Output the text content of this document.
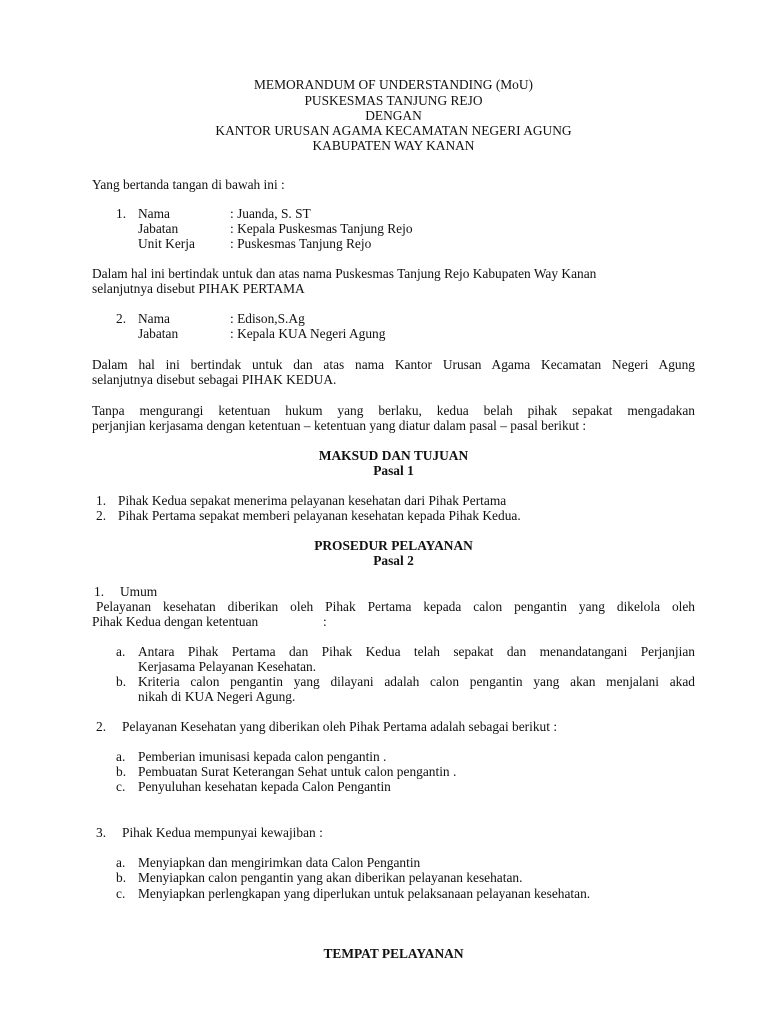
MEMORANDUM OF UNDERSTANDING (MoU)
PUSKESMAS TANJUNG REJO
DENGAN
KANTOR URUSAN AGAMA KECAMATAN NEGERI AGUNG
KABUPATEN WAY KANAN
Yang bertanda tangan di bawah ini :
1. Nama	: Juanda, S. ST
Jabatan	: Kepala Puskesmas Tanjung Rejo
Unit Kerja	: Puskesmas Tanjung Rejo
Dalam hal ini bertindak untuk dan atas nama Puskesmas Tanjung Rejo Kabupaten Way Kanan
selanjutnya disebut PIHAK PERTAMA
2. Nama	: Edison,S.Ag
Jabatan	: Kepala KUA Negeri Agung
Dalam hal ini bertindak untuk dan atas nama Kantor Urusan Agama Kecamatan Negeri Agung
selanjutnya disebut sebagai PIHAK KEDUA.
Tanpa mengurangi ketentuan hukum yang berlaku, kedua belah pihak sepakat mengadakan
perjanjian kerjasama dengan ketentuan – ketentuan yang diatur dalam pasal – pasal berikut :
MAKSUD DAN TUJUAN
Pasal 1
1. Pihak Kedua sepakat menerima pelayanan kesehatan dari Pihak Pertama
2. Pihak Pertama sepakat memberi pelayanan kesehatan kepada Pihak Kedua.
PROSEDUR PELAYANAN
Pasal 2
1. Umum
Pelayanan kesehatan diberikan oleh Pihak Pertama kepada calon pengantin yang dikelola oleh
Pihak Kedua dengan ketentuan	:
a. Antara Pihak Pertama dan Pihak Kedua telah sepakat dan menandatangani Perjanjian
Kerjasama Pelayanan Kesehatan.
b. Kriteria calon pengantin yang dilayani adalah calon pengantin yang akan menjalani akad
nikah di KUA Negeri Agung.
2. Pelayanan Kesehatan yang diberikan oleh Pihak Pertama adalah sebagai berikut :
a. Pemberian imunisasi kepada calon pengantin .
b. Pembuatan Surat Keterangan Sehat untuk calon pengantin .
c. Penyuluhan kesehatan kepada Calon Pengantin
3. Pihak Kedua mempunyai kewajiban :
a. Menyiapkan dan mengirimkan data Calon Pengantin
b. Menyiapkan calon pengantin yang akan diberikan pelayanan kesehatan.
c. Menyiapkan perlengkapan yang diperlukan untuk pelaksanaan pelayanan kesehatan.
TEMPAT PELAYANAN
